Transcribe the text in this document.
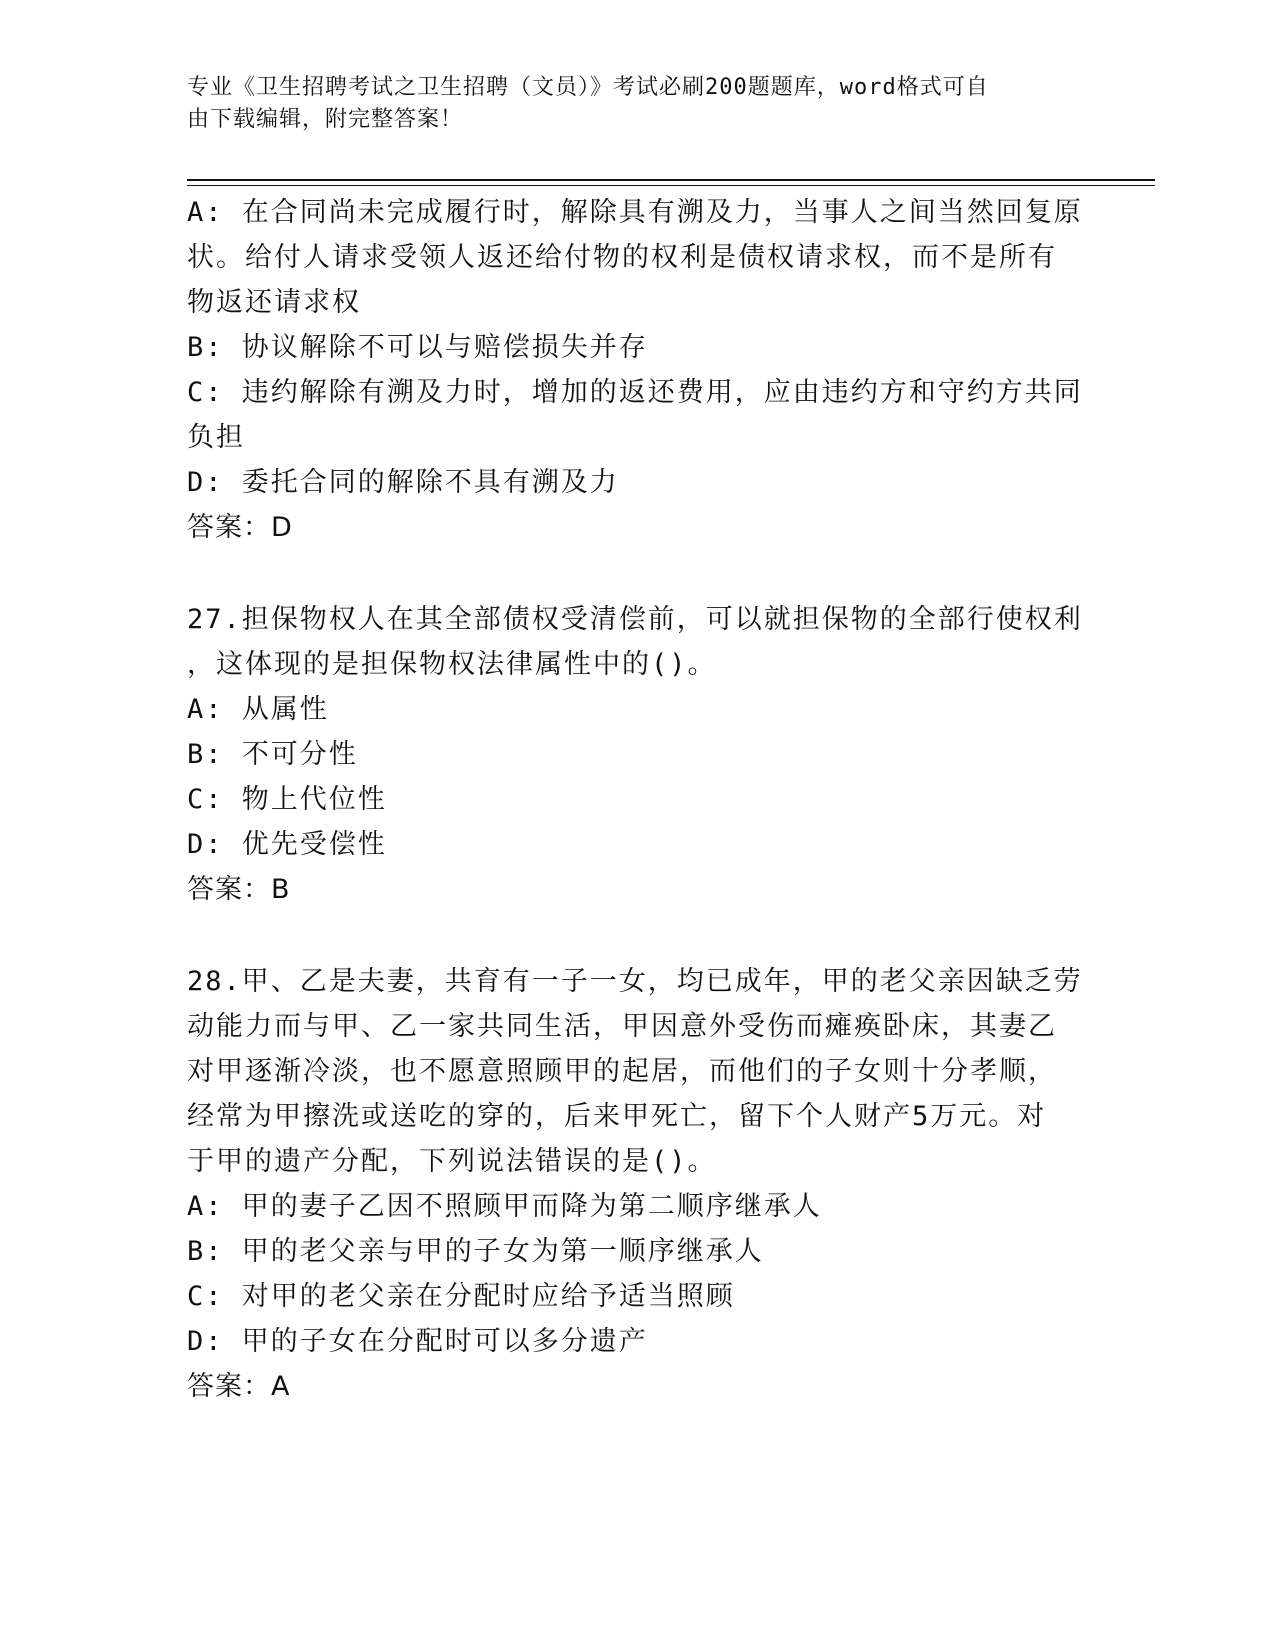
专业《卫生招聘考试之卫生招聘（文员）》考试必刷200题题库，word格式可自
由下载编辑，附完整答案！
A: 在合同尚未完成履行时，解除具有溯及力，当事人之间当然回复原
状。给付人请求受领人返还给付物的权利是债权请求权，而不是所有
物返还请求权
B: 协议解除不可以与赔偿损失并存
C: 违约解除有溯及力时，增加的返还费用，应由违约方和守约方共同
负担
D: 委托合同的解除不具有溯及力
答案：D
27.担保物权人在其全部债权受清偿前，可以就担保物的全部行使权利
，这体现的是担保物权法律属性中的()。
A: 从属性
B: 不可分性
C: 物上代位性
D: 优先受偿性
答案：B
28.甲、乙是夫妻，共育有一子一女，均已成年，甲的老父亲因缺乏劳
动能力而与甲、乙一家共同生活，甲因意外受伤而瘫痪卧床，其妻乙
对甲逐渐冷淡，也不愿意照顾甲的起居，而他们的子女则十分孝顺，
经常为甲擦洗或送吃的穿的，后来甲死亡，留下个人财产5万元。对
于甲的遗产分配，下列说法错误的是()。
A: 甲的妻子乙因不照顾甲而降为第二顺序继承人
B: 甲的老父亲与甲的子女为第一顺序继承人
C: 对甲的老父亲在分配时应给予适当照顾
D: 甲的子女在分配时可以多分遗产
答案：A
